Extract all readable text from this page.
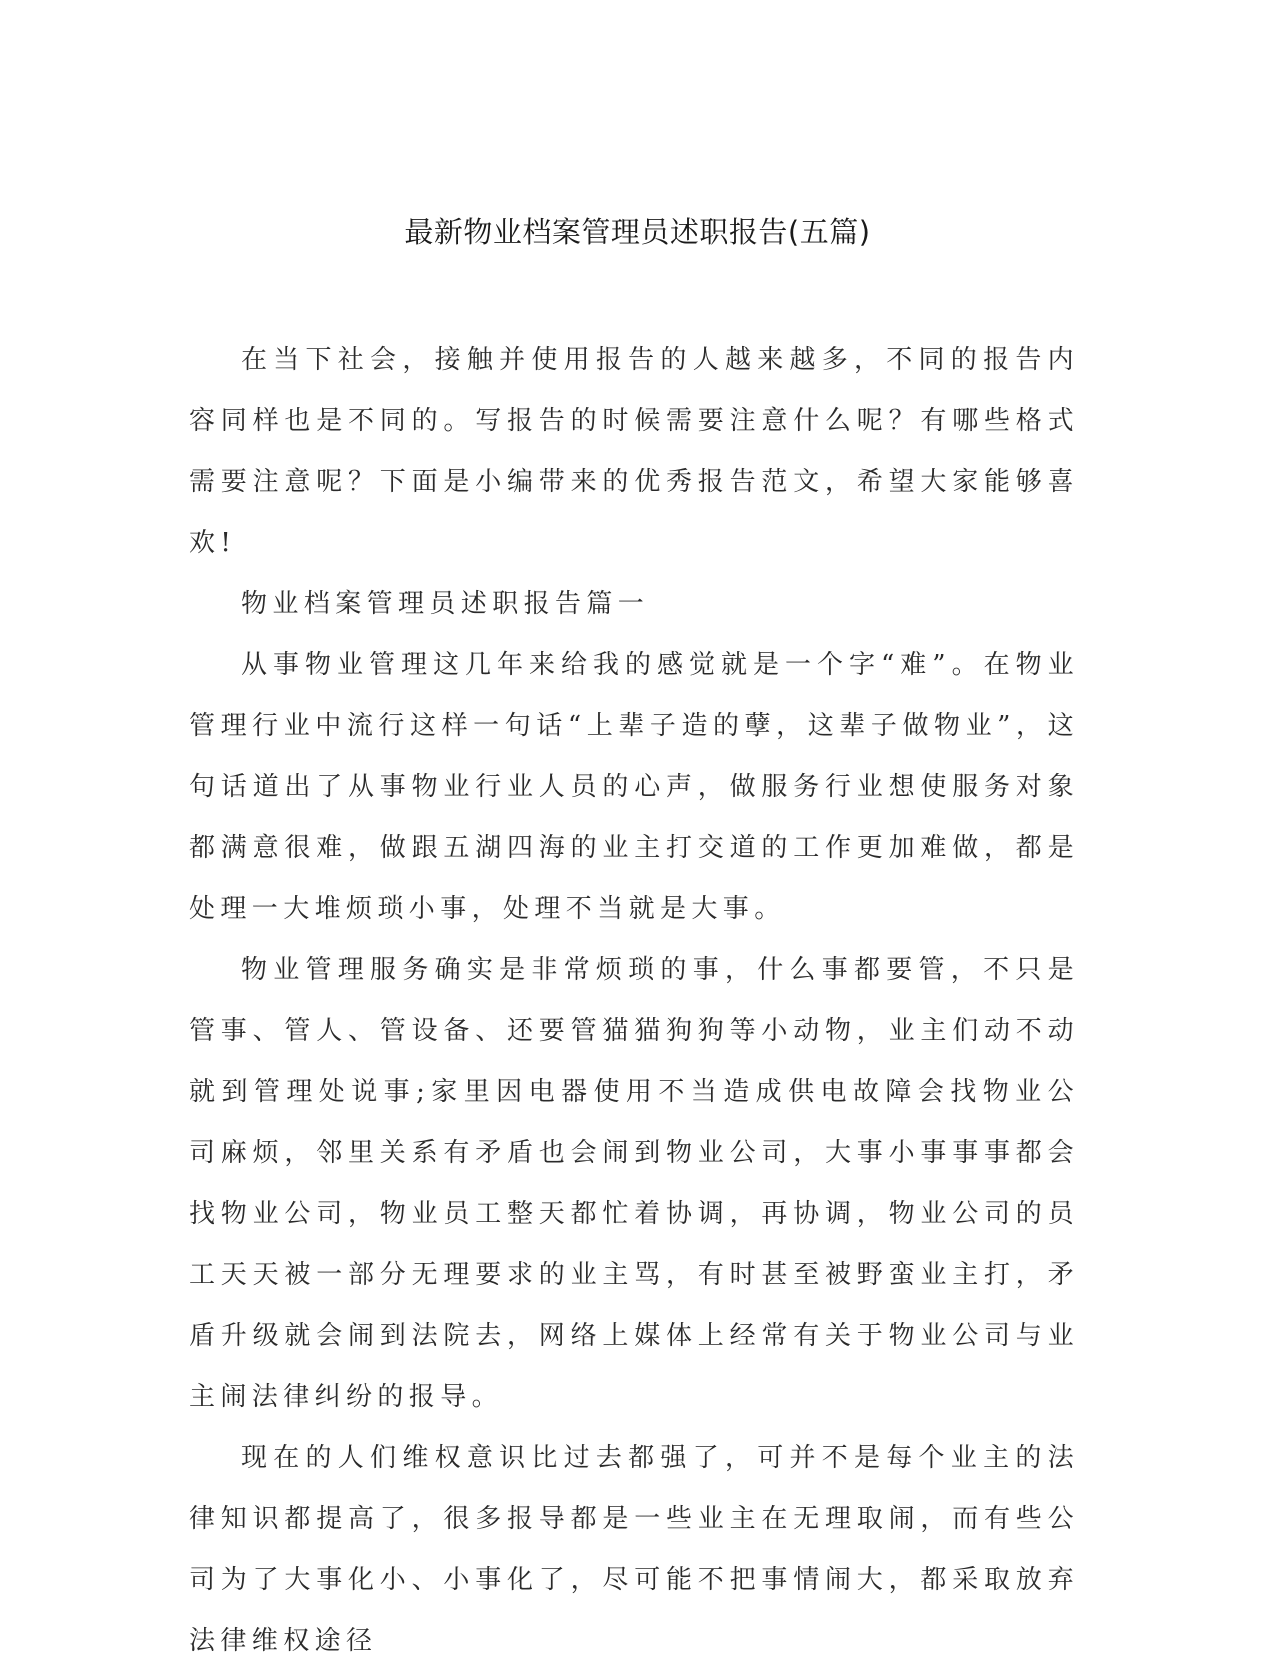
最新物业档案管理员述职报告(五篇)

在当下社会，接触并使用报告的人越来越多，不同的报告内容同样也是不同的。写报告的时候需要注意什么呢？有哪些格式需要注意呢？下面是小编带来的优秀报告范文，希望大家能够喜欢!

物业档案管理员述职报告篇一

从事物业管理这几年来给我的感觉就是一个字“难”。在物业管理行业中流行这样一句话“上辈子造的孽，这辈子做物业”，这句话道出了从事物业行业人员的心声，做服务行业想使服务对象都满意很难，做跟五湖四海的业主打交道的工作更加难做，都是处理一大堆烦琐小事，处理不当就是大事。

物业管理服务确实是非常烦琐的事，什么事都要管，不只是管事、管人、管设备、还要管猫猫狗狗等小动物，业主们动不动就到管理处说事;家里因电器使用不当造成供电故障会找物业公司麻烦，邻里关系有矛盾也会闹到物业公司，大事小事事事都会找物业公司，物业员工整天都忙着协调，再协调，物业公司的员工天天被一部分无理要求的业主骂，有时甚至被野蛮业主打，矛盾升级就会闹到法院去，网络上媒体上经常有关于物业公司与业主闹法律纠纷的报导。

现在的人们维权意识比过去都强了，可并不是每个业主的法律知识都提高了，很多报导都是一些业主在无理取闹，而有些公司为了大事化小、小事化了，尽可能不把事情闹大，都采取放弃法律维权途径
